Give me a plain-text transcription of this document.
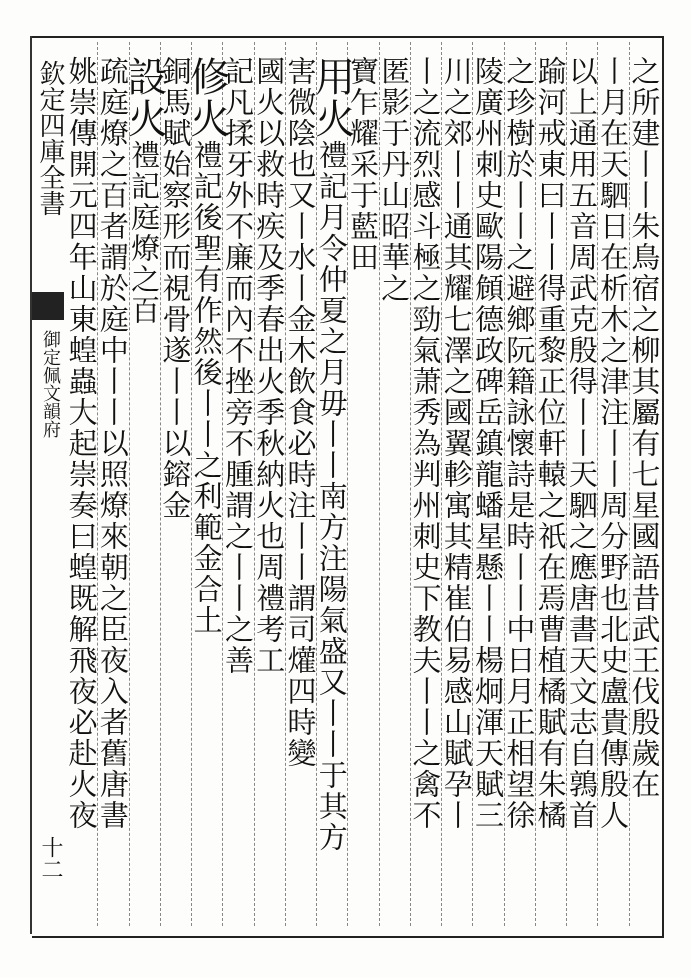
欽定四庫全書
御定佩文韻府
十二
之所建丨丨朱鳥宿之柳其屬有七星國語昔武王伐殷歲在
丨月在天駟日在析木之津注丨丨周分野也北史盧貴傳殷人
以上通用五音周武克殷得丨丨天駟之應唐書天文志自鶉首
踰河戒東曰丨丨得重黎正位軒轅之祇在焉曹植橘賦有朱橘
之珍樹於丨丨之避鄉阮籍詠懷詩是時丨丨中日月正相望徐
陵廣州刺史歐陽頠德政碑岳鎮龍蟠星懸丨丨楊炯渾天賦三
川之郊丨丨通其耀七澤之國翼軫寓其精崔伯易感山賦孕丨
丨之流烈感斗極之勁氣萧秀為判州刺史下教夫丨丨之禽不
匿影于丹山昭華之
寶乍耀采于藍田
用火禮記月令仲夏之月毋丨丨南方注陽氣盛又丨丨于其方
害微陰也又丨水丨金木飲食必時注丨丨謂司爟四時變
國火以救時疾及季春出火季秋納火也周禮考工
記凡揉牙外不廉而內不挫旁不腫謂之丨丨之善
修火禮記後聖有作然後丨丨之利範金合土
銅馬賦始察形而視骨遂丨丨以鎔金
設火禮記庭燎之百
疏庭燎之百者謂於庭中丨丨以照燎來朝之臣夜入者舊唐書
姚崇傳開元四年山東蝗蟲大起崇奏曰蝗既解飛夜必赴火夜
